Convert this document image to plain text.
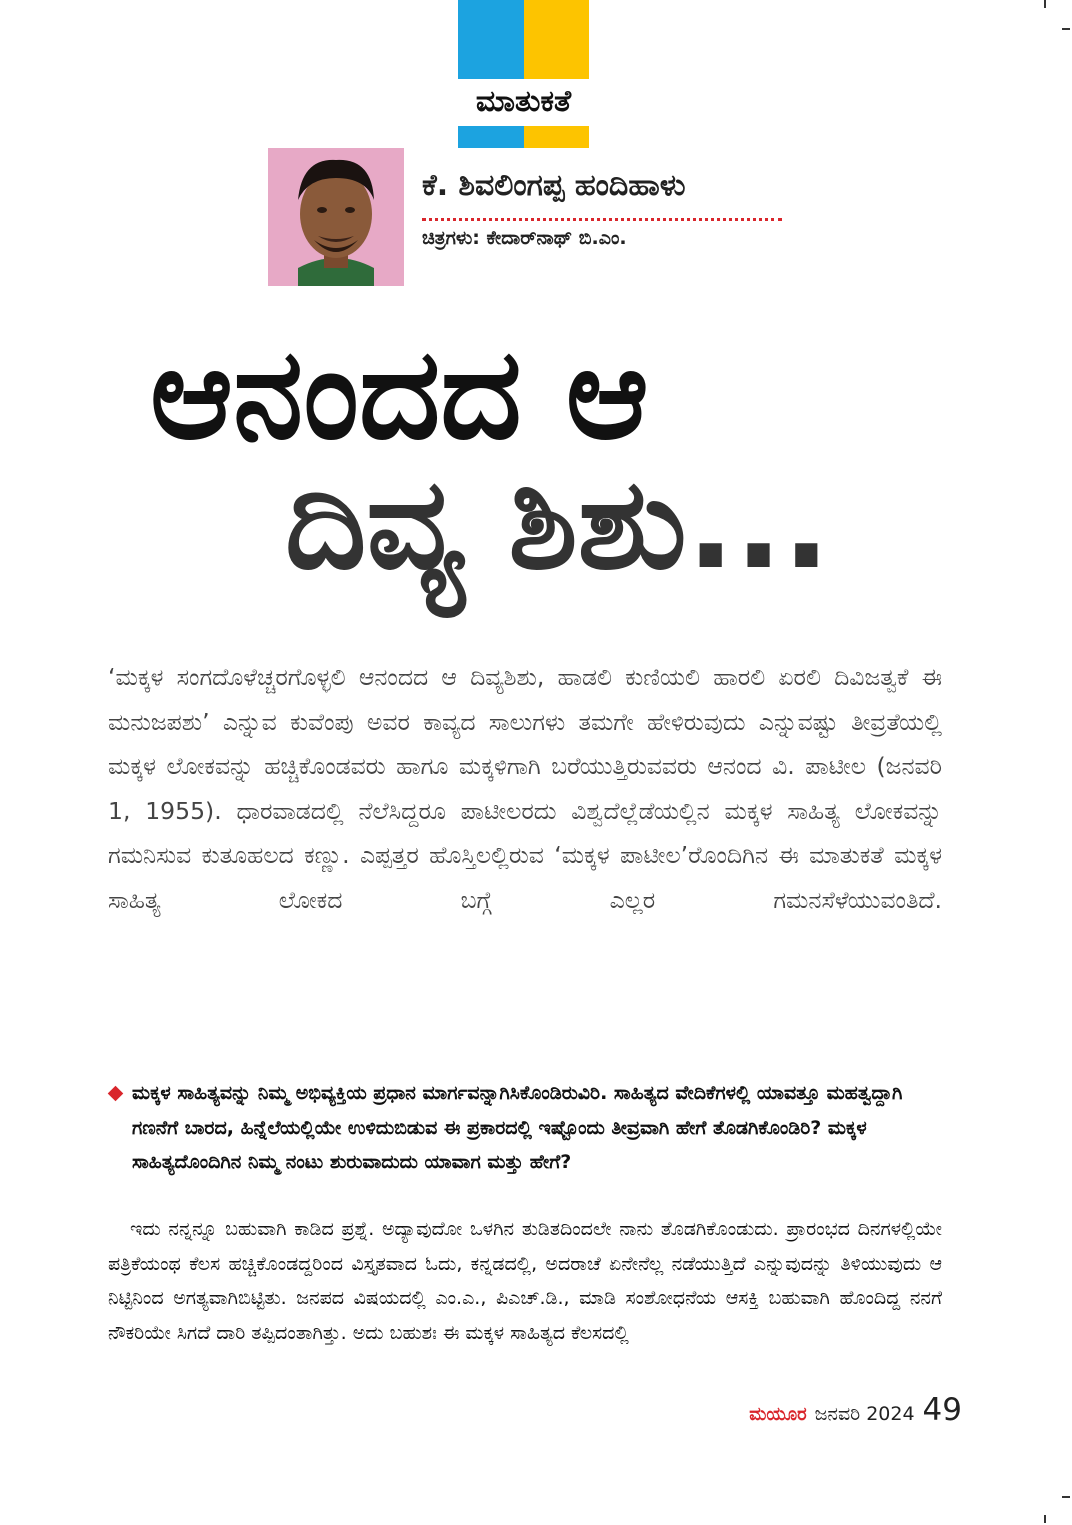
ಮಾತುಕತೆ
ಕೆ. ಶಿವಲಿಂಗಪ್ಪ ಹಂದಿಹಾಳು
ಚಿತ್ರಗಳು: ಕೇದಾರ್‌ನಾಥ್ ಬಿ.ಎಂ.
ಆನಂದದ ಆ
ದಿವ್ಯ ಶಿಶು...

‘ಮಕ್ಕಳ ಸಂಗದೊಳೆಚ್ಚರಗೊಳ್ಳಲಿ ಆನಂದದ ಆ ದಿವ್ಯಶಿಶು, ಹಾಡಲಿ ಕುಣಿಯಲಿ ಹಾರಲಿ ಏರಲಿ ದಿವಿಜತ್ವಕೆ ಈ ಮನುಜಪಶು’ ಎನ್ನುವ ಕುವೆಂಪು ಅವರ ಕಾವ್ಯದ ಸಾಲುಗಳು ತಮಗೇ ಹೇಳಿರುವುದು ಎನ್ನುವಷ್ಟು ತೀವ್ರತೆಯಲ್ಲಿ ಮಕ್ಕಳ ಲೋಕವನ್ನು ಹಚ್ಚಿಕೊಂಡವರು ಹಾಗೂ ಮಕ್ಕಳಿಗಾಗಿ ಬರೆಯುತ್ತಿರುವವರು ಆನಂದ ವಿ. ಪಾಟೀಲ (ಜನವರಿ 1, 1955). ಧಾರವಾಡದಲ್ಲಿ ನೆಲೆಸಿದ್ದರೂ ಪಾಟೀಲರದು ವಿಶ್ವದೆಲ್ಲೆಡೆಯಲ್ಲಿನ ಮಕ್ಕಳ ಸಾಹಿತ್ಯ ಲೋಕವನ್ನು ಗಮನಿಸುವ ಕುತೂಹಲದ ಕಣ್ಣು. ಎಪ್ಪತ್ತರ ಹೊಸ್ತಿಲಲ್ಲಿರುವ ‘ಮಕ್ಕಳ ಪಾಟೀಲ’ರೊಂದಿಗಿನ ಈ ಮಾತುಕತೆ ಮಕ್ಕಳ ಸಾಹಿತ್ಯ ಲೋಕದ ಬಗ್ಗೆ ಎಲ್ಲರ ಗಮನಸೆಳೆಯುವಂತಿದೆ.

ಮಕ್ಕಳ ಸಾಹಿತ್ಯವನ್ನು ನಿಮ್ಮ ಅಭಿವ್ಯಕ್ತಿಯ ಪ್ರಧಾನ ಮಾರ್ಗವನ್ನಾಗಿಸಿಕೊಂಡಿರುವಿರಿ. ಸಾಹಿತ್ಯದ ವೇದಿಕೆಗಳಲ್ಲಿ ಯಾವತ್ತೂ ಮಹತ್ವದ್ದಾಗಿ ಗಣನೆಗೆ ಬಾರದ, ಹಿನ್ನೆಲೆಯಲ್ಲಿಯೇ ಉಳಿದುಬಿಡುವ ಈ ಪ್ರಕಾರದಲ್ಲಿ ಇಷ್ಟೊಂದು ತೀವ್ರವಾಗಿ ಹೇಗೆ ತೊಡಗಿಕೊಂಡಿರಿ? ಮಕ್ಕಳ ಸಾಹಿತ್ಯದೊಂದಿಗಿನ ನಿಮ್ಮ ನಂಟು ಶುರುವಾದುದು ಯಾವಾಗ ಮತ್ತು ಹೇಗೆ?

ಇದು ನನ್ನನ್ನೂ ಬಹುವಾಗಿ ಕಾಡಿದ ಪ್ರಶ್ನೆ. ಅದ್ಯಾವುದೋ ಒಳಗಿನ ತುಡಿತದಿಂದಲೇ ನಾನು ತೊಡಗಿಕೊಂಡುದು. ಪ್ರಾರಂಭದ ದಿನಗಳಲ್ಲಿಯೇ ಪತ್ರಿಕೆಯಂಥ ಕೆಲಸ ಹಚ್ಚಿಕೊಂಡದ್ದರಿಂದ ವಿಸ್ತೃತವಾದ ಓದು, ಕನ್ನಡದಲ್ಲಿ, ಅದರಾಚೆ ಏನೇನೆಲ್ಲ ನಡೆಯುತ್ತಿದೆ ಎನ್ನುವುದನ್ನು ತಿಳಿಯುವುದು ಆ ನಿಟ್ಟಿನಿಂದ ಅಗತ್ಯವಾಗಿಬಿಟ್ಟಿತು. ಜನಪದ ವಿಷಯದಲ್ಲಿ ಎಂ.ಎ., ಪಿಎಚ್.ಡಿ., ಮಾಡಿ ಸಂಶೋಧನೆಯ ಆಸಕ್ತಿ ಬಹುವಾಗಿ ಹೊಂದಿದ್ದ ನನಗೆ ನೌಕರಿಯೇ ಸಿಗದೆ ದಾರಿ ತಪ್ಪಿದಂತಾಗಿತ್ತು. ಅದು ಬಹುಶಃ ಈ ಮಕ್ಕಳ ಸಾಹಿತ್ಯದ ಕೆಲಸದಲ್ಲಿ

ಮಯೂರ ಜನವರಿ 2024 49
